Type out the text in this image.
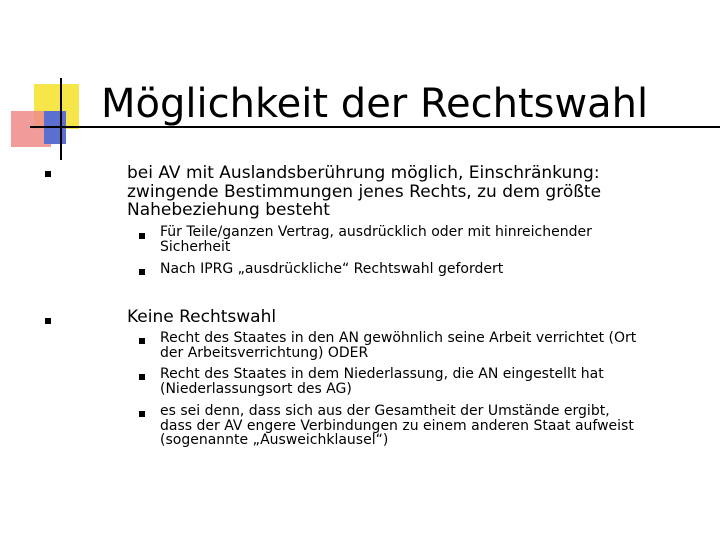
Möglichkeit der Rechtswahl
bei AV mit Auslandsberührung möglich, Einschränkung:
zwingende Bestimmungen jenes Rechts, zu dem größte
Nahebeziehung besteht
Für Teile/ganzen Vertrag, ausdrücklich oder mit hinreichender
Sicherheit
Nach IPRG „ausdrückliche“ Rechtswahl gefordert
Keine Rechtswahl
Recht des Staates in den AN gewöhnlich seine Arbeit verrichtet (Ort
der Arbeitsverrichtung) ODER
Recht des Staates in dem Niederlassung, die AN eingestellt hat
(Niederlassungsort des AG)
es sei denn, dass sich aus der Gesamtheit der Umstände ergibt,
dass der AV engere Verbindungen zu einem anderen Staat aufweist
(sogenannte „Ausweichklausel“)
